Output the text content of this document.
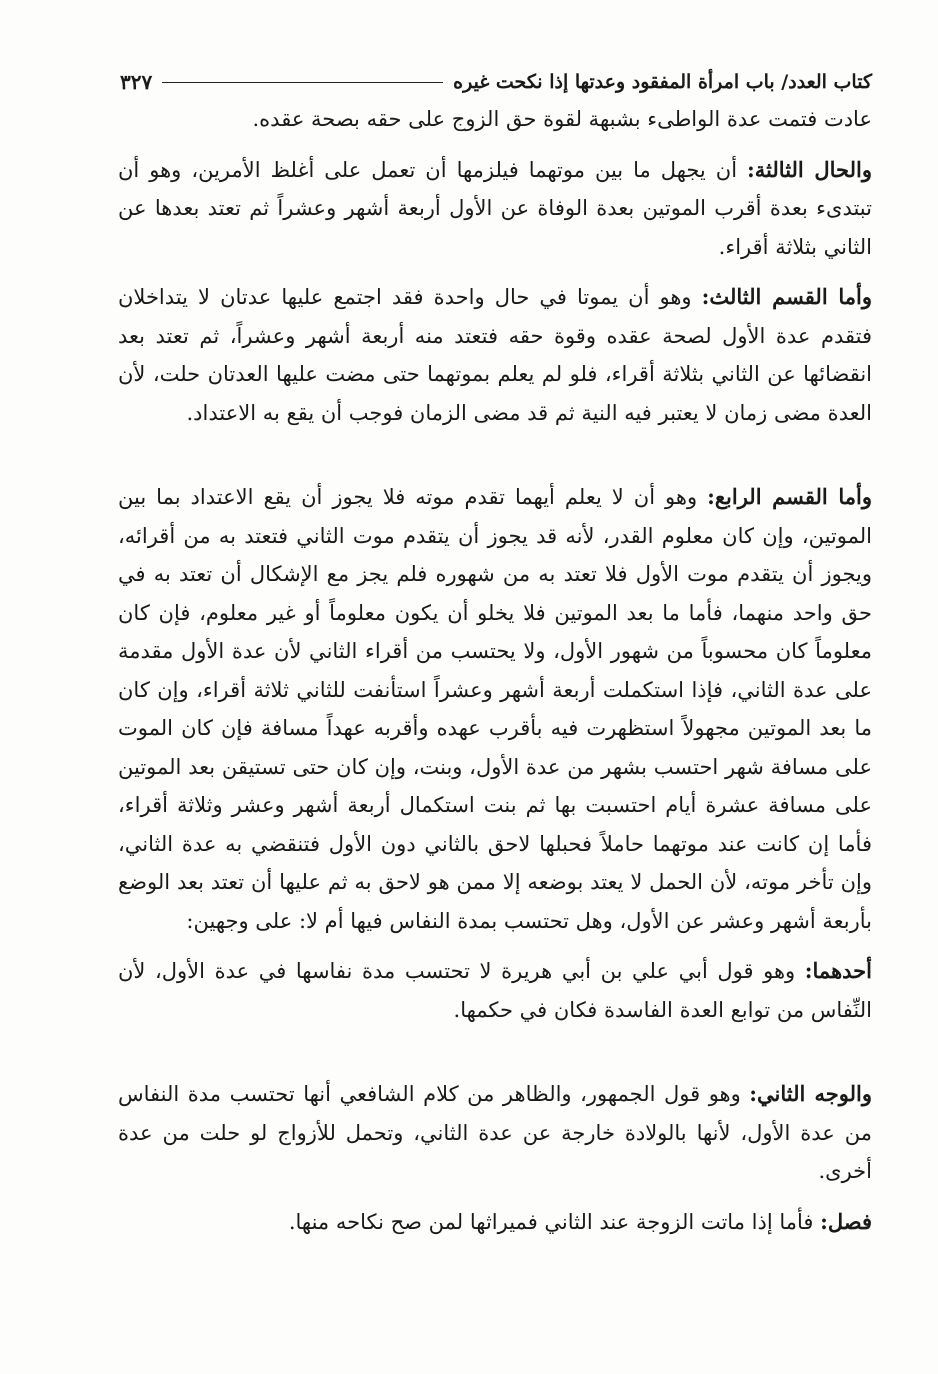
كتاب العدد/ باب امرأة المفقود وعدتها إذا نكحت غيره
٣٢٧

عادت فتمت عدة الواطىء بشبهة لقوة حق الزوج على حقه بصحة عقده.

والحال الثالثة: أن يجهل ما بين موتهما فيلزمها أن تعمل على أغلظ الأمرين، وهو أن تبتدىء بعدة أقرب الموتين بعدة الوفاة عن الأول أربعة أشهر وعشراً ثم تعتد بعدها عن الثاني بثلاثة أقراء.

وأما القسم الثالث: وهو أن يموتا في حال واحدة فقد اجتمع عليها عدتان لا يتداخلان فتقدم عدة الأول لصحة عقده وقوة حقه فتعتد منه أربعة أشهر وعشراً، ثم تعتد بعد انقضائها عن الثاني بثلاثة أقراء، فلو لم يعلم بموتهما حتى مضت عليها العدتان حلت، لأن العدة مضى زمان لا يعتبر فيه النية ثم قد مضى الزمان فوجب أن يقع به الاعتداد.

وأما القسم الرابع: وهو أن لا يعلم أيهما تقدم موته فلا يجوز أن يقع الاعتداد بما بين الموتين، وإن كان معلوم القدر، لأنه قد يجوز أن يتقدم موت الثاني فتعتد به من أقرائه، ويجوز أن يتقدم موت الأول فلا تعتد به من شهوره فلم يجز مع الإشكال أن تعتد به في حق واحد منهما، فأما ما بعد الموتين فلا يخلو أن يكون معلوماً أو غير معلوم، فإن كان معلوماً كان محسوباً من شهور الأول، ولا يحتسب من أقراء الثاني لأن عدة الأول مقدمة على عدة الثاني، فإذا استكملت أربعة أشهر وعشراً استأنفت للثاني ثلاثة أقراء، وإن كان ما بعد الموتين مجهولاً استظهرت فيه بأقرب عهده وأقربه عهداً مسافة فإن كان الموت على مسافة شهر احتسب بشهر من عدة الأول، وبنت، وإن كان حتى تستيقن بعد الموتين على مسافة عشرة أيام احتسبت بها ثم بنت استكمال أربعة أشهر وعشر وثلاثة أقراء، فأما إن كانت عند موتهما حاملاً فحبلها لاحق بالثاني دون الأول فتنقضي به عدة الثاني، وإن تأخر موته، لأن الحمل لا يعتد بوضعه إلا ممن هو لاحق به ثم عليها أن تعتد بعد الوضع بأربعة أشهر وعشر عن الأول، وهل تحتسب بمدة النفاس فيها أم لا: على وجهين:

أحدهما: وهو قول أبي علي بن أبي هريرة لا تحتسب مدة نفاسها في عدة الأول، لأن النِّفاس من توابع العدة الفاسدة فكان في حكمها.

والوجه الثاني: وهو قول الجمهور، والظاهر من كلام الشافعي أنها تحتسب مدة النفاس من عدة الأول، لأنها بالولادة خارجة عن عدة الثاني، وتحمل للأزواج لو حلت من عدة أخرى.

فصل: فأما إذا ماتت الزوجة عند الثاني فميراثها لمن صح نكاحه منها.
